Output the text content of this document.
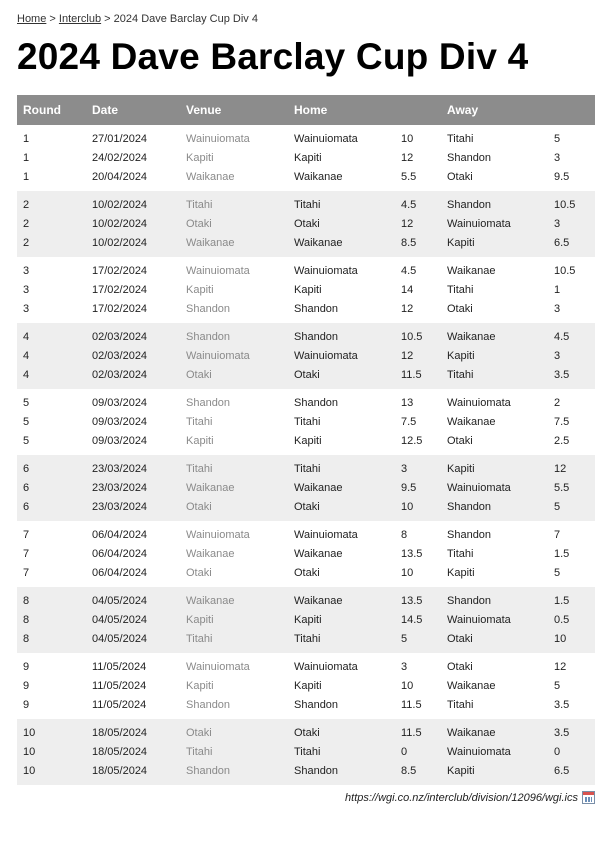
Home > Interclub > 2024 Dave Barclay Cup Div 4
2024 Dave Barclay Cup Div 4
Round	Date	Venue	Home		Away	
1	27/01/2024	Wainuiomata	Wainuiomata	10	Titahi	5
1	24/02/2024	Kapiti	Kapiti	12	Shandon	3
1	20/04/2024	Waikanae	Waikanae	5.5	Otaki	9.5
2	10/02/2024	Titahi	Titahi	4.5	Shandon	10.5
2	10/02/2024	Otaki	Otaki	12	Wainuiomata	3
2	10/02/2024	Waikanae	Waikanae	8.5	Kapiti	6.5
3	17/02/2024	Wainuiomata	Wainuiomata	4.5	Waikanae	10.5
3	17/02/2024	Kapiti	Kapiti	14	Titahi	1
3	17/02/2024	Shandon	Shandon	12	Otaki	3
4	02/03/2024	Shandon	Shandon	10.5	Waikanae	4.5
4	02/03/2024	Wainuiomata	Wainuiomata	12	Kapiti	3
4	02/03/2024	Otaki	Otaki	11.5	Titahi	3.5
5	09/03/2024	Shandon	Shandon	13	Wainuiomata	2
5	09/03/2024	Titahi	Titahi	7.5	Waikanae	7.5
5	09/03/2024	Kapiti	Kapiti	12.5	Otaki	2.5
6	23/03/2024	Titahi	Titahi	3	Kapiti	12
6	23/03/2024	Waikanae	Waikanae	9.5	Wainuiomata	5.5
6	23/03/2024	Otaki	Otaki	10	Shandon	5
7	06/04/2024	Wainuiomata	Wainuiomata	8	Shandon	7
7	06/04/2024	Waikanae	Waikanae	13.5	Titahi	1.5
7	06/04/2024	Otaki	Otaki	10	Kapiti	5
8	04/05/2024	Waikanae	Waikanae	13.5	Shandon	1.5
8	04/05/2024	Kapiti	Kapiti	14.5	Wainuiomata	0.5
8	04/05/2024	Titahi	Titahi	5	Otaki	10
9	11/05/2024	Wainuiomata	Wainuiomata	3	Otaki	12
9	11/05/2024	Kapiti	Kapiti	10	Waikanae	5
9	11/05/2024	Shandon	Shandon	11.5	Titahi	3.5
10	18/05/2024	Otaki	Otaki	11.5	Waikanae	3.5
10	18/05/2024	Titahi	Titahi	0	Wainuiomata	0
10	18/05/2024	Shandon	Shandon	8.5	Kapiti	6.5
https://wgi.co.nz/interclub/division/12096/wgi.ics
